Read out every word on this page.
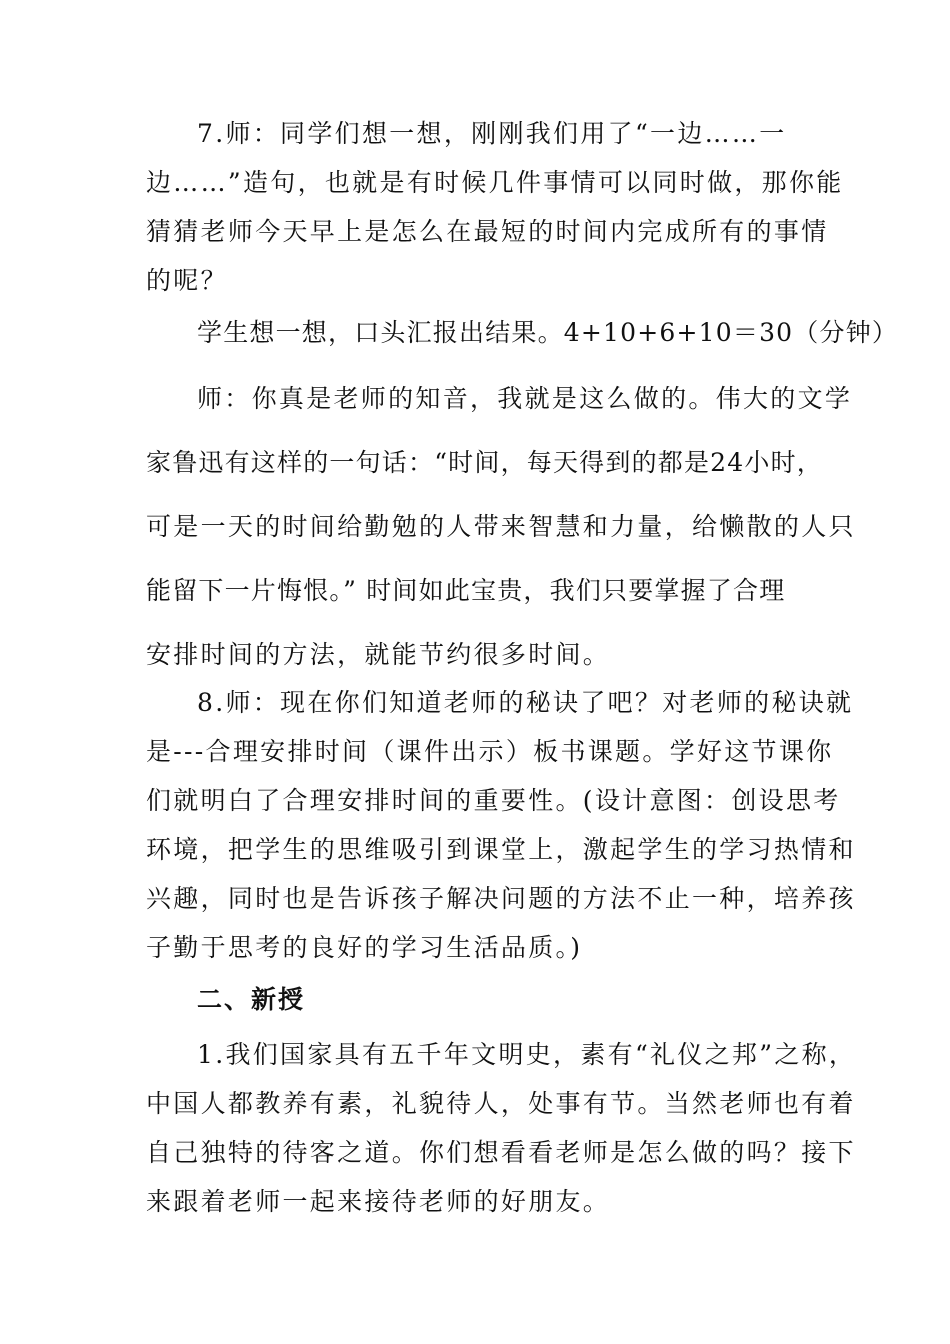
7.师：同学们想一想，刚刚我们用了“一边……一
边……”造句，也就是有时候几件事情可以同时做，那你能
猜猜老师今天早上是怎么在最短的时间内完成所有的事情
的呢？
学生想一想，口头汇报出结果。4+10+6+10＝30（分钟）
师：你真是老师的知音，我就是这么做的。伟大的文学
家鲁迅有这样的一句话：“时间，每天得到的都是24小时，
可是一天的时间给勤勉的人带来智慧和力量，给懒散的人只
能留下一片悔恨。” 时间如此宝贵，我们只要掌握了合理
安排时间的方法，就能节约很多时间。
8.师：现在你们知道老师的秘诀了吧？对老师的秘诀就
是---合理安排时间（课件出示）板书课题。学好这节课你
们就明白了合理安排时间的重要性。(设计意图：创设思考
环境，把学生的思维吸引到课堂上，激起学生的学习热情和
兴趣，同时也是告诉孩子解决问题的方法不止一种，培养孩
子勤于思考的良好的学习生活品质。)
二、新授
1.我们国家具有五千年文明史，素有“礼仪之邦”之称，
中国人都教养有素，礼貌待人，处事有节。当然老师也有着
自己独特的待客之道。你们想看看老师是怎么做的吗？接下
来跟着老师一起来接待老师的好朋友。
